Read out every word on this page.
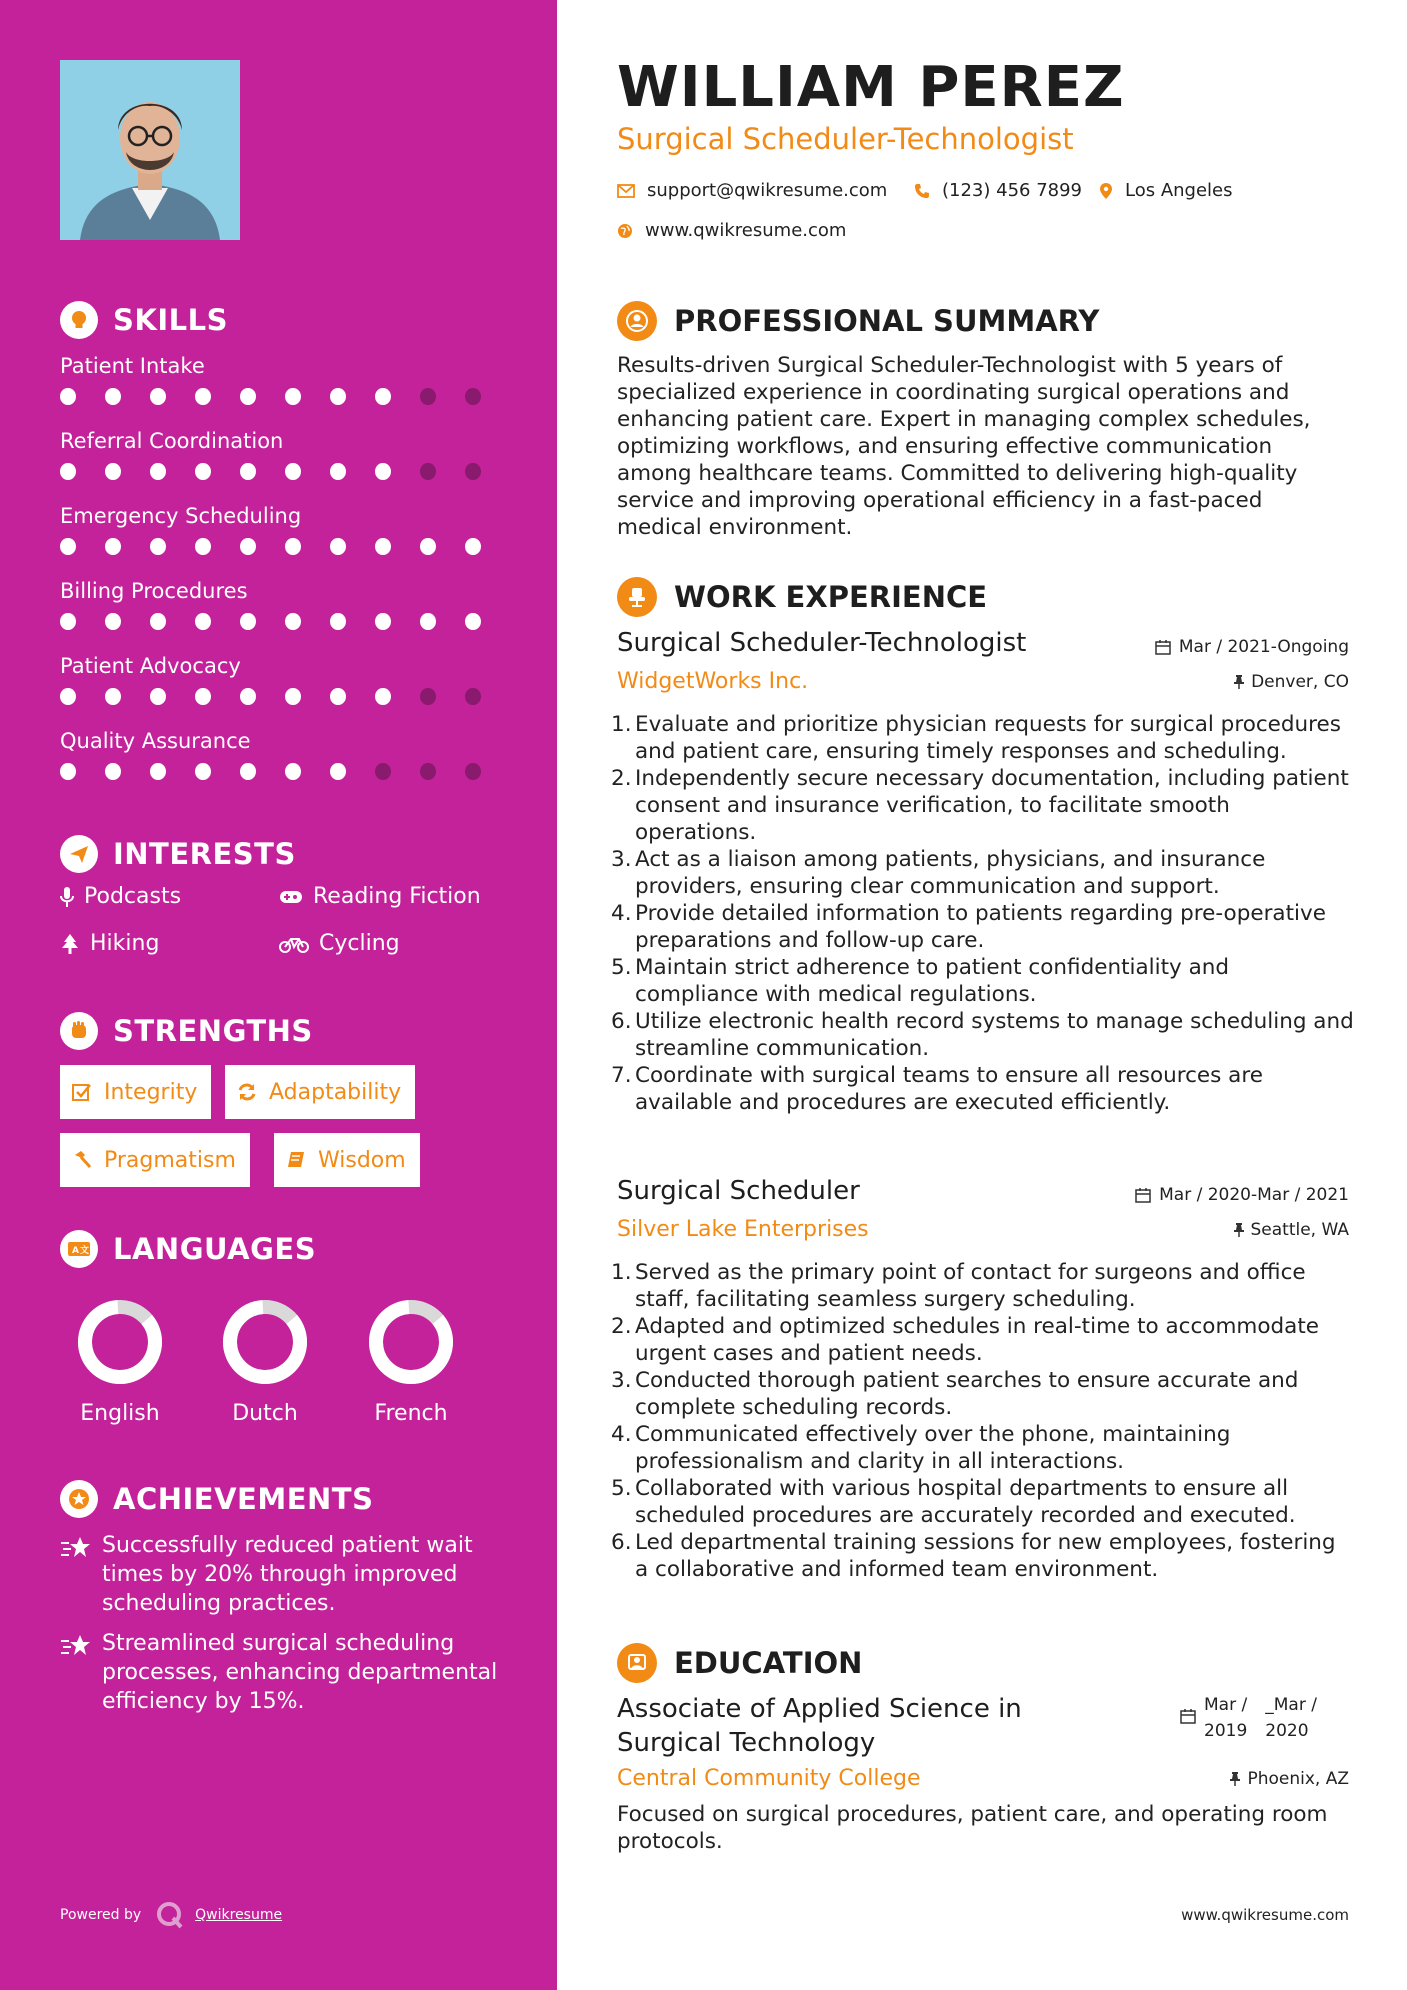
SKILLS
Patient Intake
Referral Coordination
Emergency Scheduling
Billing Procedures
Patient Advocacy
Quality Assurance
INTERESTS
Podcasts	Reading Fiction
Hiking	Cycling
STRENGTHS
Integrity	Adaptability
Pragmatism	Wisdom
A 文 LANGUAGES
English	Dutch	French
ACHIEVEMENTS
Successfully reduced patient wait times by 20% through improved scheduling practices.
Streamlined surgical scheduling processes, enhancing departmental efficiency by 15%.
Powered by	Qwikresume
WILLIAM PEREZ
Surgical Scheduler-Technologist
support@qwikresume.com	(123) 456 7899 Los Angeles
www.qwikresume.com
PROFESSIONAL SUMMARY
Results-driven Surgical Scheduler-Technologist with 5 years of specialized experience in coordinating surgical operations and enhancing patient care. Expert in managing complex schedules, optimizing workflows, and ensuring effective communication among healthcare teams. Committed to delivering high-quality service and improving operational efficiency in a fast-paced medical environment.
WORK EXPERIENCE
Surgical Scheduler-Technologist	Mar / 2021-Ongoing
WidgetWorks Inc.	Denver, CO
Evaluate and prioritize physician requests for surgical procedures and patient care, ensuring timely responses and scheduling.
Independently secure necessary documentation, including patient consent and insurance verification, to facilitate smooth operations.
Act as a liaison among patients, physicians, and insurance providers, ensuring clear communication and support.
Provide detailed information to patients regarding pre-operative preparations and follow-up care.
Maintain strict adherence to patient confidentiality and compliance with medical regulations.
Utilize electronic health record systems to manage scheduling and streamline communication.
Coordinate with surgical teams to ensure all resources are available and procedures are executed efficiently.
Surgical Scheduler	Mar / 2020-Mar / 2021
Silver Lake Enterprises	Seattle, WA
Served as the primary point of contact for surgeons and office staff, facilitating seamless surgery scheduling.
Adapted and optimized schedules in real-time to accommodate urgent cases and patient needs.
Conducted thorough patient searches to ensure accurate and complete scheduling records.
Communicated effectively over the phone, maintaining professionalism and clarity in all interactions.
Collaborated with various hospital departments to ensure all scheduled procedures are accurately recorded and executed.
Led departmental training sessions for new employees, fostering a collaborative and informed team environment.
EDUCATION
Associate of Applied Science in
Surgical Technology
Mar /
2019
_Mar /
2020
Central Community College	Phoenix, AZ
Focused on surgical procedures, patient care, and operating room protocols.
www.qwikresume.com
